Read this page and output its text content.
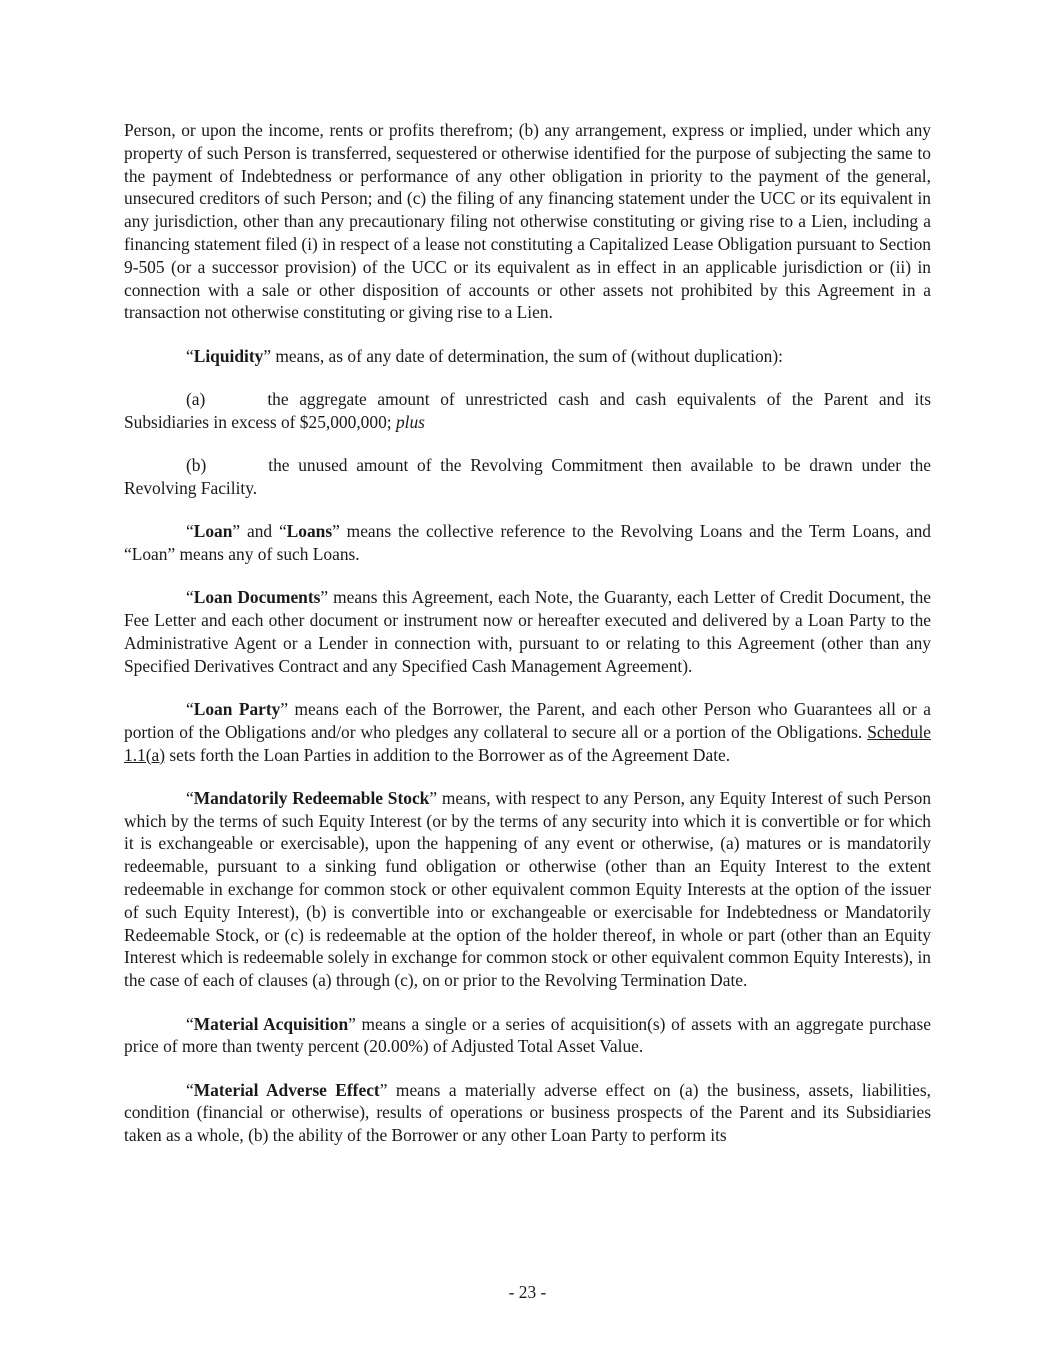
Person, or upon the income, rents or profits therefrom; (b) any arrangement, express or implied, under which any property of such Person is transferred, sequestered or otherwise identified for the purpose of subjecting the same to the payment of Indebtedness or performance of any other obligation in priority to the payment of the general, unsecured creditors of such Person; and (c) the filing of any financing statement under the UCC or its equivalent in any jurisdiction, other than any precautionary filing not otherwise constituting or giving rise to a Lien, including a financing statement filed (i) in respect of a lease not constituting a Capitalized Lease Obligation pursuant to Section 9-505 (or a successor provision) of the UCC or its equivalent as in effect in an applicable jurisdiction or (ii) in connection with a sale or other disposition of accounts or other assets not prohibited by this Agreement in a transaction not otherwise constituting or giving rise to a Lien.

“Liquidity” means, as of any date of determination, the sum of (without duplication):

(a)	the aggregate amount of unrestricted cash and cash equivalents of the Parent and its Subsidiaries in excess of $25,000,000; plus

(b)	the unused amount of the Revolving Commitment then available to be drawn under the Revolving Facility.

“Loan” and “Loans” means the collective reference to the Revolving Loans and the Term Loans, and “Loan” means any of such Loans.

“Loan Documents” means this Agreement, each Note, the Guaranty, each Letter of Credit Document, the Fee Letter and each other document or instrument now or hereafter executed and delivered by a Loan Party to the Administrative Agent or a Lender in connection with, pursuant to or relating to this Agreement (other than any Specified Derivatives Contract and any Specified Cash Management Agreement).

“Loan Party” means each of the Borrower, the Parent, and each other Person who Guarantees all or a portion of the Obligations and/or who pledges any collateral to secure all or a portion of the Obligations. Schedule 1.1(a) sets forth the Loan Parties in addition to the Borrower as of the Agreement Date.

“Mandatorily Redeemable Stock” means, with respect to any Person, any Equity Interest of such Person which by the terms of such Equity Interest (or by the terms of any security into which it is convertible or for which it is exchangeable or exercisable), upon the happening of any event or otherwise, (a) matures or is mandatorily redeemable, pursuant to a sinking fund obligation or otherwise (other than an Equity Interest to the extent redeemable in exchange for common stock or other equivalent common Equity Interests at the option of the issuer of such Equity Interest), (b) is convertible into or exchangeable or exercisable for Indebtedness or Mandatorily Redeemable Stock, or (c) is redeemable at the option of the holder thereof, in whole or part (other than an Equity Interest which is redeemable solely in exchange for common stock or other equivalent common Equity Interests), in the case of each of clauses (a) through (c), on or prior to the Revolving Termination Date.

“Material Acquisition” means a single or a series of acquisition(s) of assets with an aggregate purchase price of more than twenty percent (20.00%) of Adjusted Total Asset Value.

“Material Adverse Effect” means a materially adverse effect on (a) the business, assets, liabilities, condition (financial or otherwise), results of operations or business prospects of the Parent and its Subsidiaries taken as a whole, (b) the ability of the Borrower or any other Loan Party to perform its

- 23 -
